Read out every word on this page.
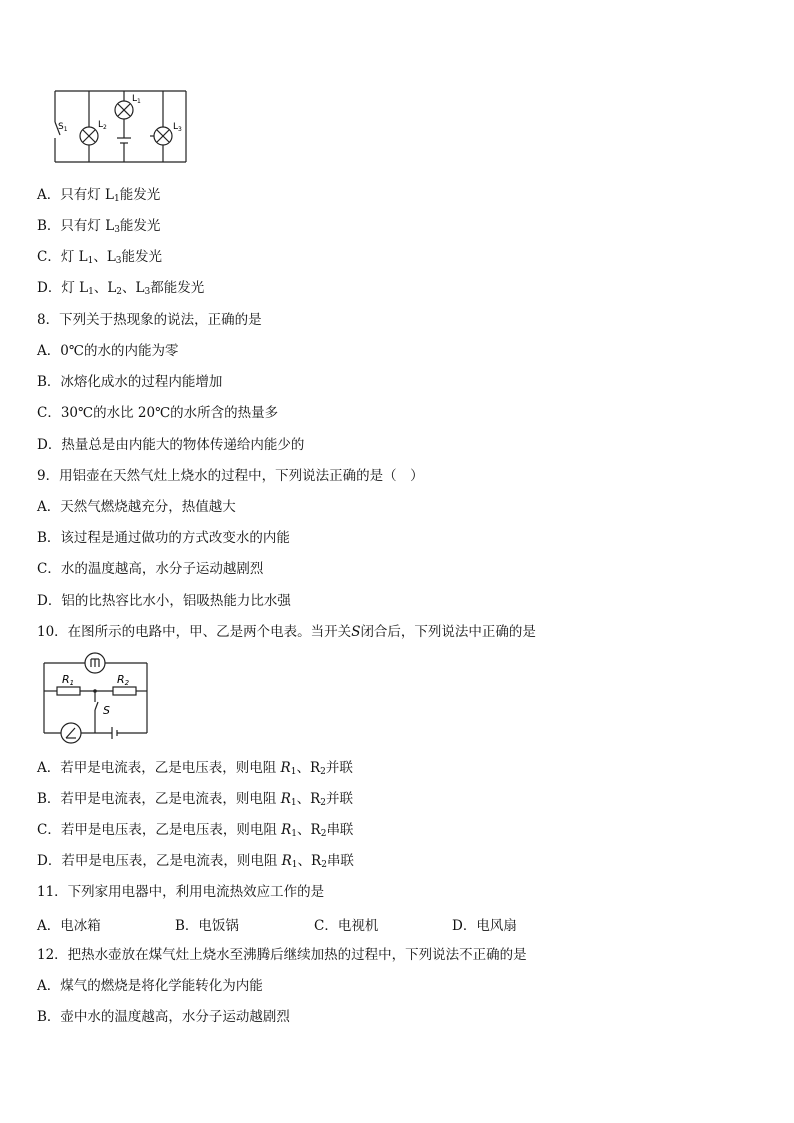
$S_1$	$L_2$
$L_1$
$L_3$
A．只有灯 $L_1$能发光
B．只有灯 $L_3$能发光
C．灯 $L_1$、$L_3$能发光
D．灯 $L_1$、$L_2$、$L_3$都能发光
8．下列关于热现象的说法，正确的是
A．0℃的水的内能为零
B．冰熔化成水的过程内能增加
C．30℃的水比 20℃的水所含的热量多
D．热量总是由内能大的物体传递给内能少的
9．用铝壶在天然气灶上烧水的过程中，下列说法正确的是（　）
A．天然气燃烧越充分，热值越大
B．该过程是通过做功的方式改变水的内能
C．水的温度越高，水分子运动越剧烈
D．铝的比热容比水小，铝吸热能力比水强
10．在图所示的电路中，甲、乙是两个电表。当开关S闭合后，下列说法中正确的是
R1	R2
S
A．若甲是电流表，乙是电压表，则电阻 $R_1$、$R_2$并联
B．若甲是电流表，乙是电流表，则电阻 $R_1$、$R_2$并联
C．若甲是电压表，乙是电压表，则电阻 $R_1$、$R_2$串联
D．若甲是电压表，乙是电流表，则电阻 $R_1$、$R_2$串联
11．下列家用电器中，利用电流热效应工作的是
A．电冰箱	B．电饭锅	C．电视机	D．电风扇
12．把热水壶放在煤气灶上烧水至沸腾后继续加热的过程中，下列说法不正确的是
A．煤气的燃烧是将化学能转化为内能
B．壶中水的温度越高，水分子运动越剧烈
